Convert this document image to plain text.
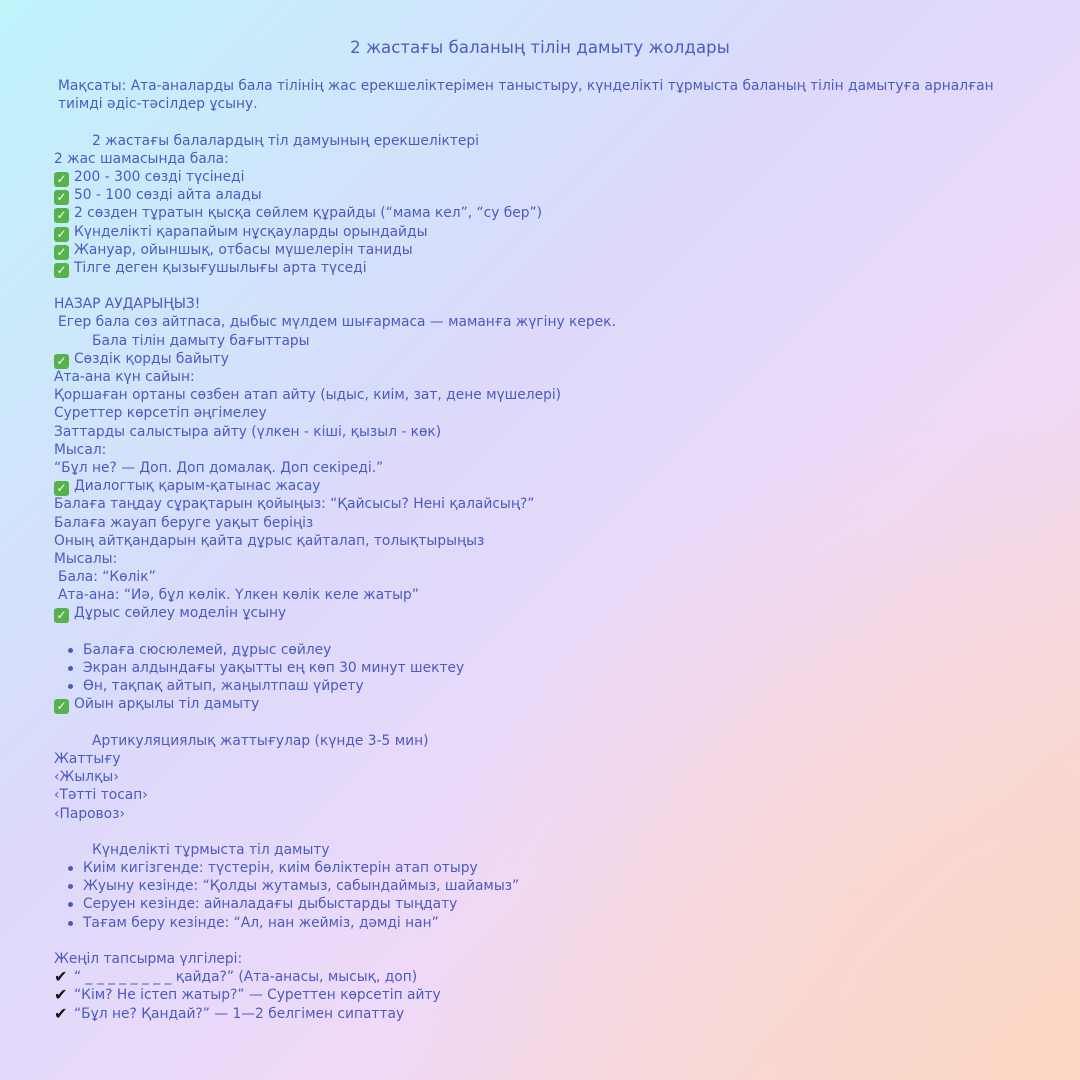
2 жастағы баланың тілін дамыту жолдары
Мақсаты: Ата-аналарды бала тілінің жас ерекшеліктерімен таныстыру, күнделікті тұрмыста баланың тілін дамытуға арналған тиімді әдіс-тәсілдер ұсыну.
2 жастағы балалардың тіл дамуының ерекшеліктері
2 жас шамасында бала:
✓ 200 - 300 сөзді түсінеді
✓ 50 - 100 сөзді айта алады
✓ 2 сөзден тұратын қысқа сөйлем құрайды (“мама кел”, “су бер”)
✓ Күнделікті қарапайым нұсқауларды орындайды
✓ Жануар, ойыншық, отбасы мүшелерін таниды
✓ Тілге деген қызығушылығы арта түседі
НАЗАР АУДАРЫҢЫЗ!
Егер бала сөз айтпаса, дыбыс мүлдем шығармаса — маманға жүгіну керек.
Бала тілін дамыту бағыттары
✓ Сөздік қорды байыту
Ата-ана күн сайын:
Қоршаған ортаны сөзбен атап айту (ыдыс, киім, зат, дене мүшелері)
Суреттер көрсетіп әңгімелеу
Заттарды салыстыра айту (үлкен - кіші, қызыл - көк)
Мысал:
“Бұл не? — Доп. Доп домалақ. Доп секіреді.”
✓ Диалогтық қарым-қатынас жасау
Балаға таңдау сұрақтарын қойыңыз: “Қайсысы? Нені қалайсың?”
Балаға жауап беруге уақыт беріңіз
Оның айтқандарын қайта дұрыс қайталап, толықтырыңыз
Мысалы:
Бала: “Көлік”
Ата-ана: “Иә, бұл көлік. Үлкен көлік келе жатыр”
✓ Дұрыс сөйлеу моделін ұсыну
Балаға сюсюлемей, дұрыс сөйлеу
Экран алдындағы уақытты ең көп 30 минут шектеу
Өн, тақпақ айтып, жаңылтпаш үйрету
✓ Ойын арқылы тіл дамыту
Артикуляциялық жаттығулар (күнде 3-5 мин)
Жаттығу
‹Жылқы›
‹Тәтті тосап›
‹Паровоз›
Күнделікті тұрмыста тіл дамыту
Киім кигізгенде: түстерін, киім бөліктерін атап отыру
Жуыну кезінде: “Қолды жутамыз, сабындаймыз, шайамыз”
Серуен кезінде: айналадағы дыбыстарды тыңдату
Тағам беру кезінде: “Ал, нан жейміз, дәмді нан”
Жеңіл тапсырма үлгілері:
✔ “ _ _ _ _ _ _ _ _ қайда?” (Ата-анасы, мысық, доп)
✔ “Кім? Не істеп жатыр?” — Суреттен көрсетіп айту
✔ “Бұл не? Қандай?” — 1—2 белгімен сипаттау
